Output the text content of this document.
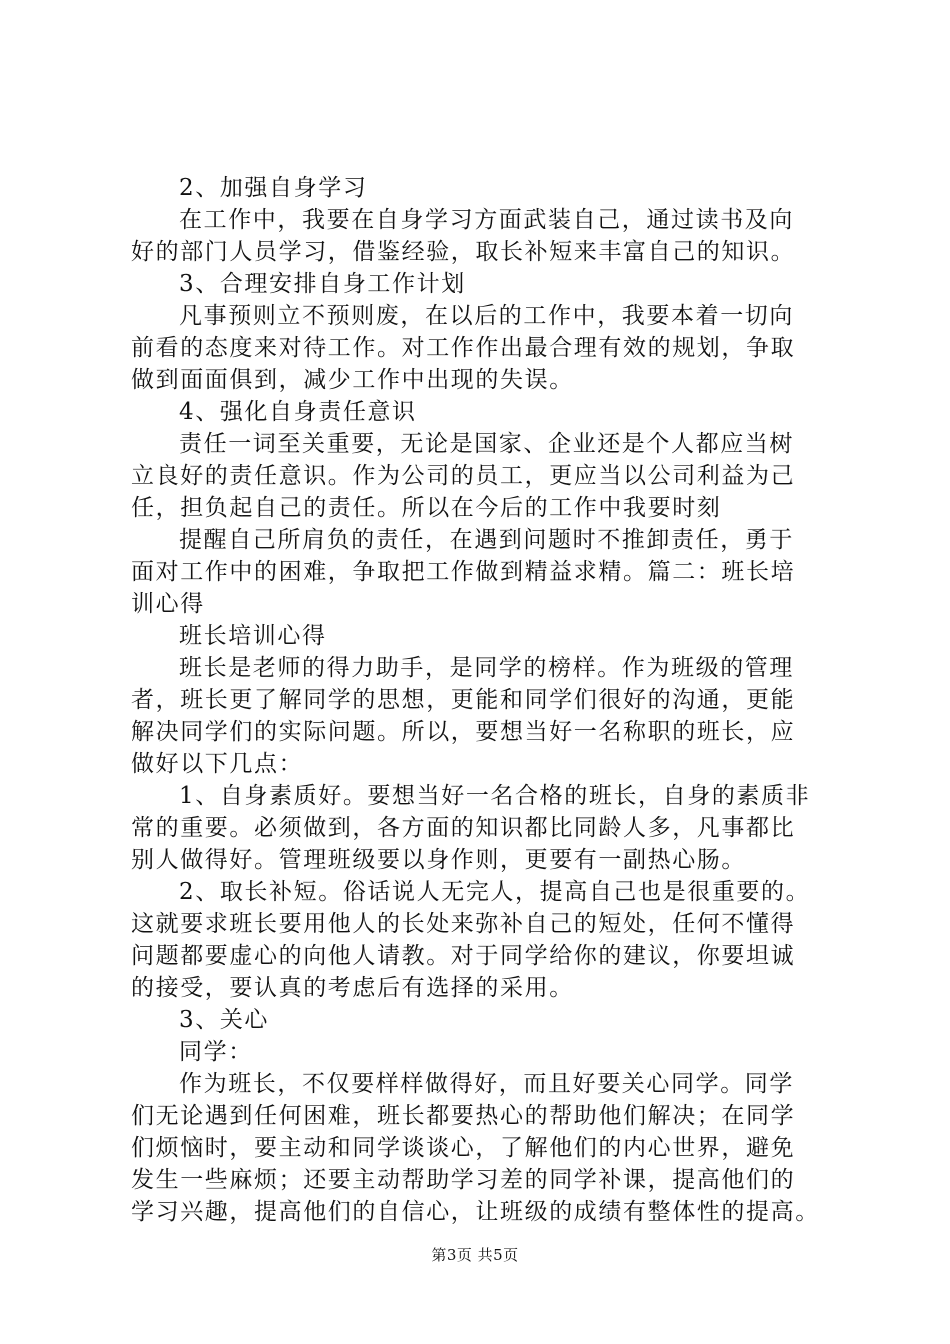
2、加强自身学习
在工作中，我要在自身学习方面武装自己，通过读书及向
好的部门人员学习，借鉴经验，取长补短来丰富自己的知识。
3、合理安排自身工作计划
凡事预则立不预则废，在以后的工作中，我要本着一切向
前看的态度来对待工作。对工作作出最合理有效的规划，争取
做到面面俱到，减少工作中出现的失误。
4、强化自身责任意识
责任一词至关重要，无论是国家、企业还是个人都应当树
立良好的责任意识。作为公司的员工，更应当以公司利益为己
任，担负起自己的责任。所以在今后的工作中我要时刻
提醒自己所肩负的责任，在遇到问题时不推卸责任，勇于
面对工作中的困难，争取把工作做到精益求精。篇二：班长培
训心得
班长培训心得
班长是老师的得力助手，是同学的榜样。作为班级的管理
者，班长更了解同学的思想，更能和同学们很好的沟通，更能
解决同学们的实际问题。所以，要想当好一名称职的班长，应
做好以下几点：
1、自身素质好。要想当好一名合格的班长，自身的素质非
常的重要。必须做到，各方面的知识都比同龄人多，凡事都比
别人做得好。管理班级要以身作则，更要有一副热心肠。
2、取长补短。俗话说人无完人，提高自己也是很重要的。
这就要求班长要用他人的长处来弥补自己的短处，任何不懂得
问题都要虚心的向他人请教。对于同学给你的建议，你要坦诚
的接受，要认真的考虑后有选择的采用。
3、关心
同学：
作为班长，不仅要样样做得好，而且好要关心同学。同学
们无论遇到任何困难，班长都要热心的帮助他们解决；在同学
们烦恼时，要主动和同学谈谈心，了解他们的内心世界，避免
发生一些麻烦；还要主动帮助学习差的同学补课，提高他们的
学习兴趣，提高他们的自信心，让班级的成绩有整体性的提高。
第3页 共5页
